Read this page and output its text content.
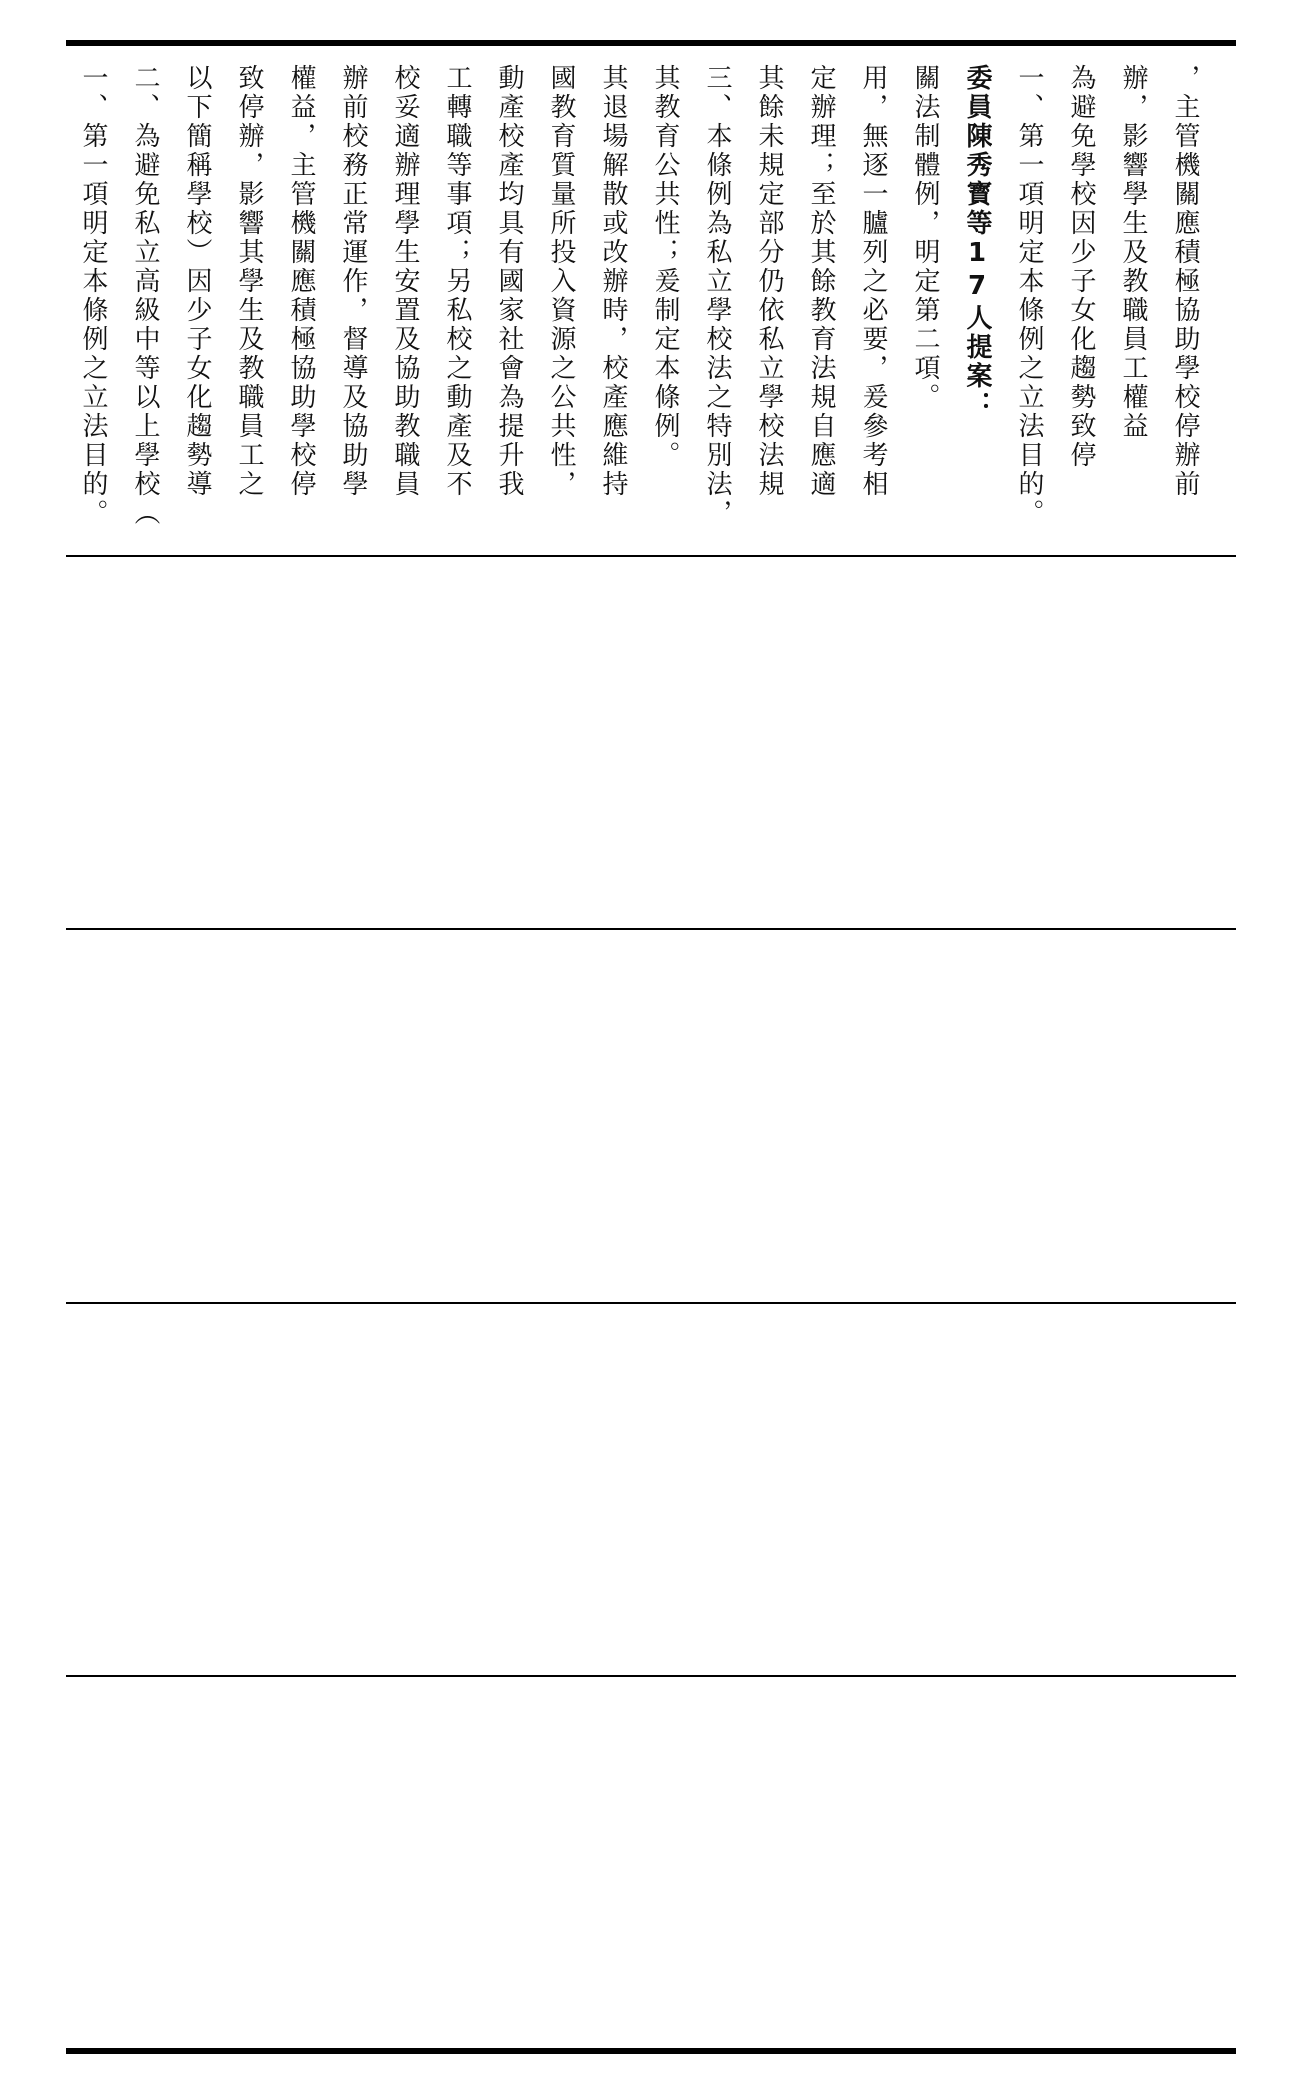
一、第一項明定本條例之立法目的。 二、為避免私立高級中等以上學校（ 以下簡稱學校）因少子女化趨勢導 致停辦，影響其學生及教職員工之 權益，主管機關應積極協助學校停 辦前校務正常運作，督導及協助學 校妥適辦理學生安置及協助教職員 工轉職等事項；另私校之動產及不 動產校產均具有國家社會為提升我 國教育質量所投入資源之公共性， 其退場解散或改辦時，校產應維持 其教育公共性；爰制定本條例。 三、本條例為私立學校法之特別法， 其餘未規定部分仍依私立學校法規 定辦理；至於其餘教育法規自應適 用，無逐一臚列之必要，爰參考相 關法制體例，明定第二項。 委員陳秀寳等17人提案： 一、第一項明定本條例之立法目的。 為避免學校因少子女化趨勢致停 辦，影響學生及教職員工權益 ，主管機關應積極協助學校停辦前
